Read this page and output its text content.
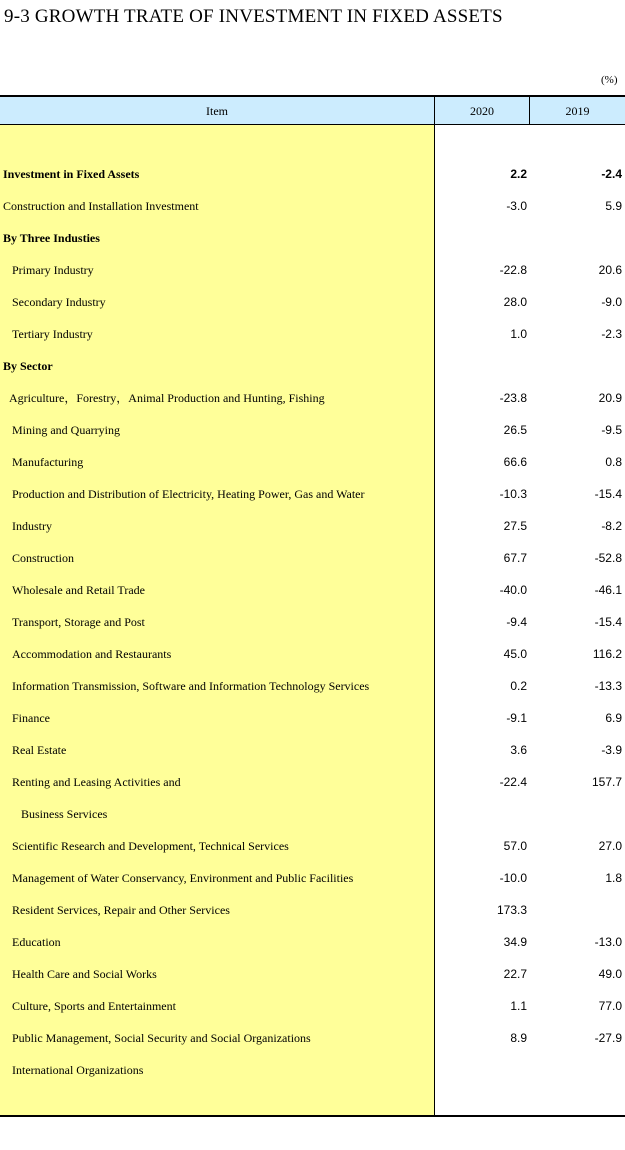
9-3 GROWTH TRATE OF INVESTMENT IN FIXED ASSETS
(%)
Item	2020	2019
Investment in Fixed Assets	2.2	-2.4
Construction and Installation Investment	-3.0	5.9
By Three Industies
Primary Industry	-22.8	20.6
Secondary Industry	28.0	-9.0
Tertiary Industry	1.0	-2.3
By Sector
Agriculture，Forestry，Animal Production and Hunting, Fishing	-23.8	20.9
Mining and Quarrying	26.5	-9.5
Manufacturing	66.6	0.8
Production and Distribution of Electricity, Heating Power, Gas and Water	-10.3	-15.4
Industry	27.5	-8.2
Construction	67.7	-52.8
Wholesale and Retail Trade	-40.0	-46.1
Transport, Storage and Post	-9.4	-15.4
Accommodation and Restaurants	45.0	116.2
Information Transmission, Software and Information Technology Services	0.2	-13.3
Finance	-9.1	6.9
Real Estate	3.6	-3.9
Renting and Leasing Activities and	-22.4	157.7
Business Services
Scientific Research and Development, Technical Services	57.0	27.0
Management of Water Conservancy, Environment and Public Facilities	-10.0	1.8
Resident Services, Repair and Other Services	173.3
Education	34.9	-13.0
Health Care and Social Works	22.7	49.0
Culture, Sports and Entertainment	1.1	77.0
Public Management, Social Security and Social Organizations	8.9	-27.9
International Organizations
